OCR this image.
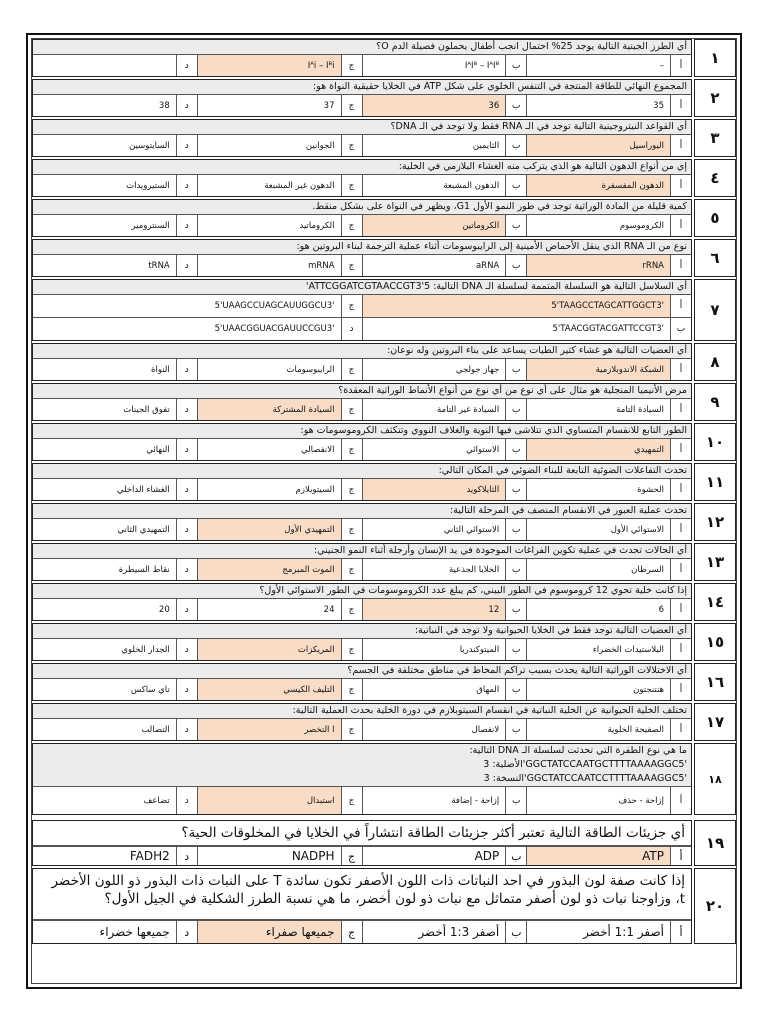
١
أي الطرز الجينية التالية يوجد 25% احتمال انجب أطفال يحملون فصيلة الدم O؟
أ
–
ب
IᴬIᴮ – IᴬIᴮ
ج
Iᴬi – Iᴮi
د
٢
المجموع النهائي للطاقة المنتجة في التنفس الخلوي على شكل ATP في الخلايا حقيقية النواة هو:
أ
35
ب
36
ج
37
د
38
٣
أي القواعد النيتروجينية التالية توجد في الـ RNA فقط ولا توجد في الـ DNA؟
أ
اليوراسيل
ب
الثايمين
ج
الجوانين
د
السايتوسين
٤
إي من أنواع الدهون التالية هو الذي يتركب منه الغشاء البلازمي في الخلية:
أ
الدهون المفسفرة
ب
الدهون المشبعة
ج
الدهون غير المشبعة
د
الستيرويدات
٥
كمية قليلة من المادة الوراثية توجد في طور النمو الأول G1، ويظهر في النواة على بشكل منقط.
أ
الكروموسوم
ب
الكروماتين
ج
الكروماتيد
د
السنترومير
٦
نوع من الـ RNA الذي ينقل الأحماض الأمينية إلى الرايبوسومات أثناء عملية الترجمة لبناء البروتين هو:
أ
rRNA
ب
aRNA
ج
mRNA
د
tRNA
٧
أي السلاسل التالية هو السلسلة المتممة لسلسلة الـ DNA التالية: 5'ATTCGGATCGTAACCGT3'
أ
5'TAAGCCTAGCATTGGCT3'
ج
5'UAAGCCUAGCAUUGGCU3'
ب
5'TAACGGTACGATTCCGT3'
د
5'UAACGGUACGAUUCCGU3'
٨
أي العضيات التالية هو غشاء كثير الطيات يساعد على بناء البروتين وله نوعان:
أ
الشبكة الاندوبلازمية
ب
جهاز جولجي
ج
الرايبوسومات
د
النواة
٩
مرض الأنيميا المنجلية هو مثال على أي نوع من أي نوع من أنواع الأنماط الوراثية المعقدة؟
أ
السيادة التامة
ب
السيادة غير التامة
ج
السيادة المشتركة
د
تفوق الجينات
١٠
الطور التابع للانقسام المتساوي الذي تتلاشى فيها النوية والغلاف النووي وتتكثف الكروموسومات هو:
أ
التمهيدي
ب
الاستوائي
ج
الانفصالي
د
النهائي
١١
تحدث التفاعلات الضوئية التابعة للبناء الضوئي في المكان التالي:
أ
الحشوة
ب
الثايلاكويد
ج
السيتوبلازم
د
الغشاء الداخلي
١٢
تحدث عملية العبور في الانقسام المنصف في المرحلة التالية:
أ
الاستوائي الأول
ب
الاستوائي الثاني
ج
التمهيدي الأول
د
التمهيدي الثاني
١٣
أي الحالات تحدث في عملية تكوين الفراغات الموجودة في يد الإنسان وأرجلة أثناء النمو الجنيني:
أ
السرطان
ب
الخلايا الجذعية
ج
الموت المبرمج
د
نقاط السيطرة
١٤
إذا كانت خلية تحوي 12 كروموسوم في الطور البيني، كم يبلغ عدد الكروموسومات في الطور الاستوائي الأول؟
أ
6
ب
12
ج
24
د
20
١٥
أي العضيات التالية توجد فقط في الخلايا الحيوانية ولا توجد في النباتية:
أ
البلاستيدات الخضراء
ب
الميتوكندريا
ج
المريكزات
د
الجدار الخلوي
١٦
أي الاختلالات الوراثية التالية يحدث بسبب تراكم المخاط في مناطق مختلفة في الجسم؟
أ
هنتنجتون
ب
المهاق
ج
التليف الكيسي
د
تاي ساكس
١٧
تختلف الخلية الحيوانية عن الخلية النباتية في انقسام السيتوبلازم في دورة الخلية بحدث العملية التالية:
أ
الصفيحة الخلوية
ب
لانفصال
ج
ا التخصر
د
التصالب
١٨
ما هي نوع الطفرة التي تحدثت لسلسلة الـ DNA التالية:
الأصلية: 3'GGCTATCCAATGCTTTTAAAAGGC5'
النسخة: 3'GGCTATCCAATCCTTTTAAAAGGC5'
أ
إزاحة - حذف
ب
إزاحة - إضافة
ج
استبدال
د
تضاعف
١٩
أي جزيئات الطاقة التالية تعتبر أكثر جزيئات الطاقة انتشاراً في الخلايا في المخلوقات الحية؟
أ
ATP
ب
ADP
ج
NADPH
د
FADH2
٢٠
إذا كانت صفة لون البذور في احد النباتات ذات اللون الأصفر تكون سائدة T على النبات ذات البذور ذو اللون الأخضر t، وزاوجنا نبات ذو لون أصفر متماثل مع نبات ذو لون أخضر، ما هي نسبة الطرز الشكلية في الجيل الأول؟
أ
أصفر 1:1 أخضر
ب
أصفر 1:3 أخضر
ج
جميعها صفراء
د
جميعها خضراء
